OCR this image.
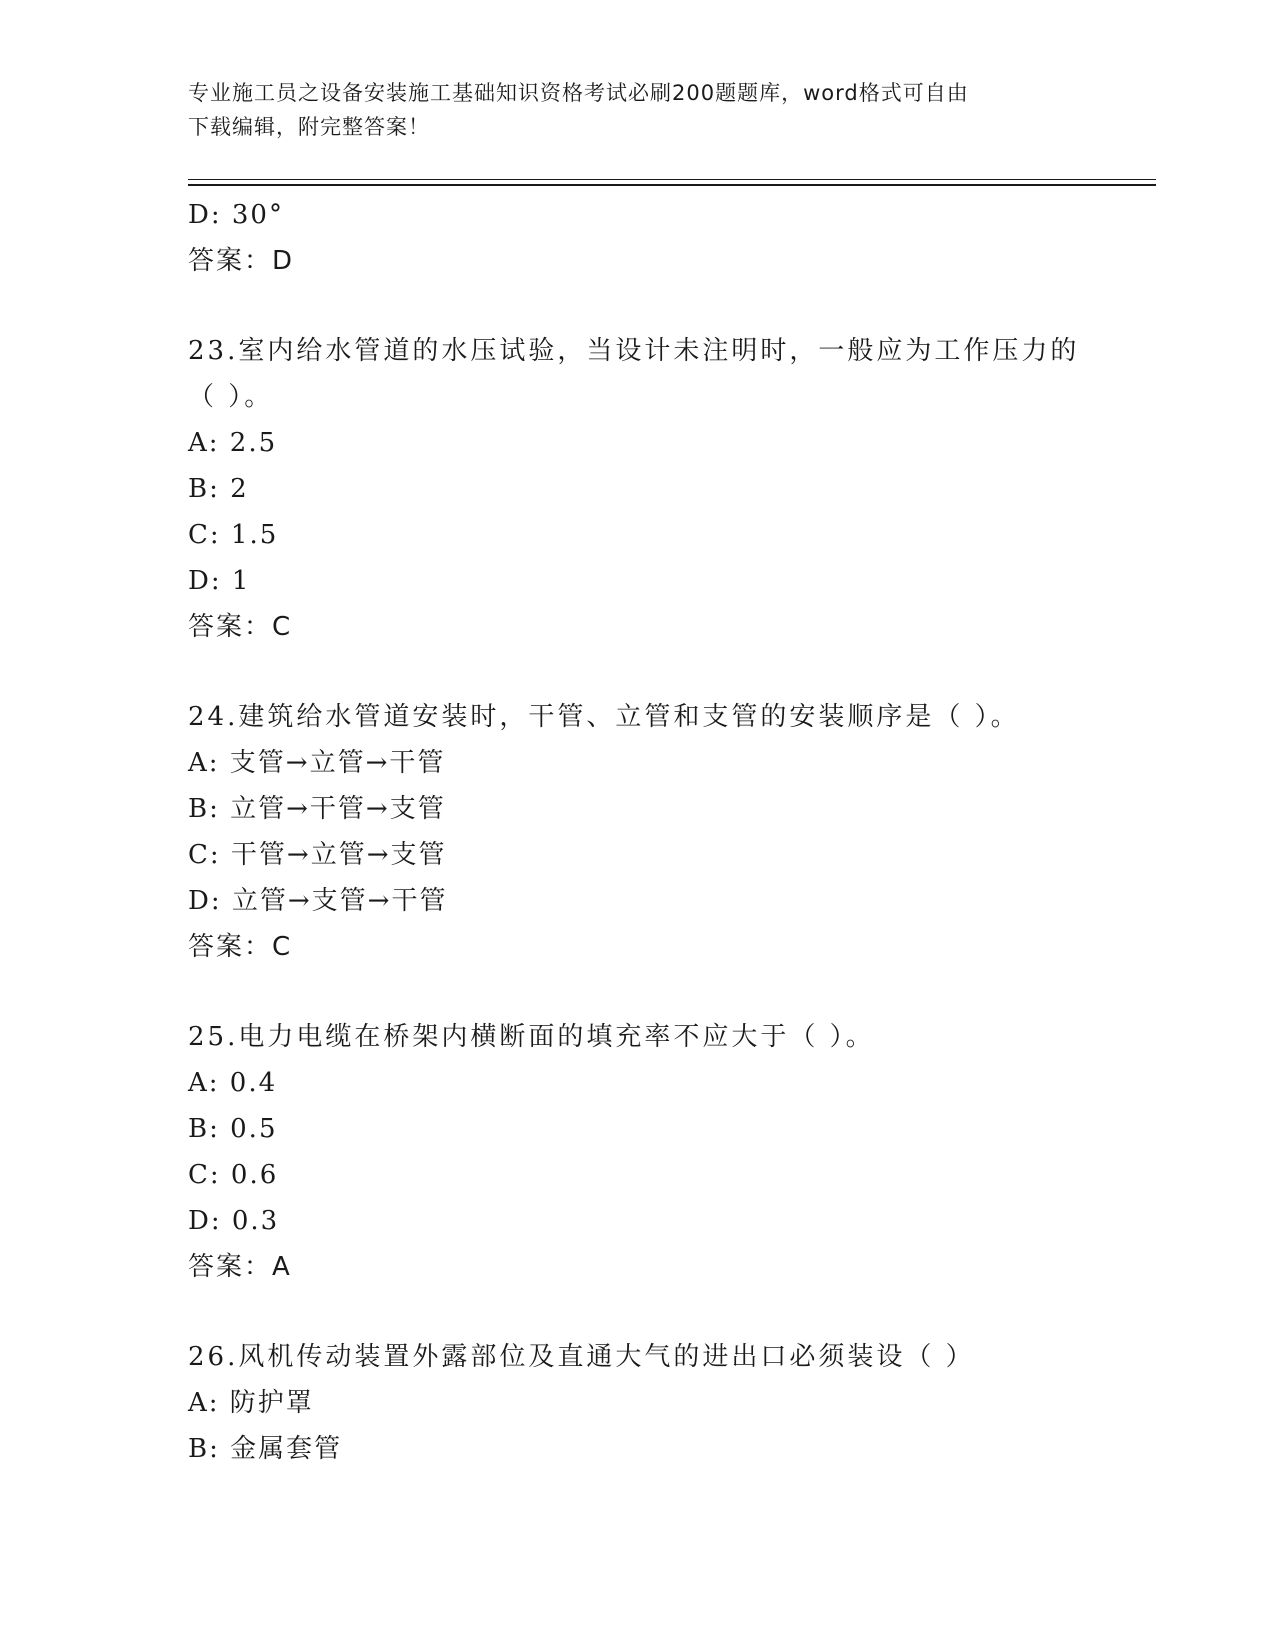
专业施工员之设备安装施工基础知识资格考试必刷200题题库，word格式可自由
下载编辑，附完整答案！
D: 30°
答案：D
23.室内给水管道的水压试验，当设计未注明时，一般应为工作压力的
（ ）。
A: 2.5
B: 2
C: 1.5
D: 1
答案：C
24.建筑给水管道安装时，干管、立管和支管的安装顺序是（ ）。
A: 支管→立管→干管
B: 立管→干管→支管
C: 干管→立管→支管
D: 立管→支管→干管
答案：C
25.电力电缆在桥架内横断面的填充率不应大于（ ）。
A: 0.4
B: 0.5
C: 0.6
D: 0.3
答案：A
26.风机传动装置外露部位及直通大气的进出口必须装设（ ）
A: 防护罩
B: 金属套管
